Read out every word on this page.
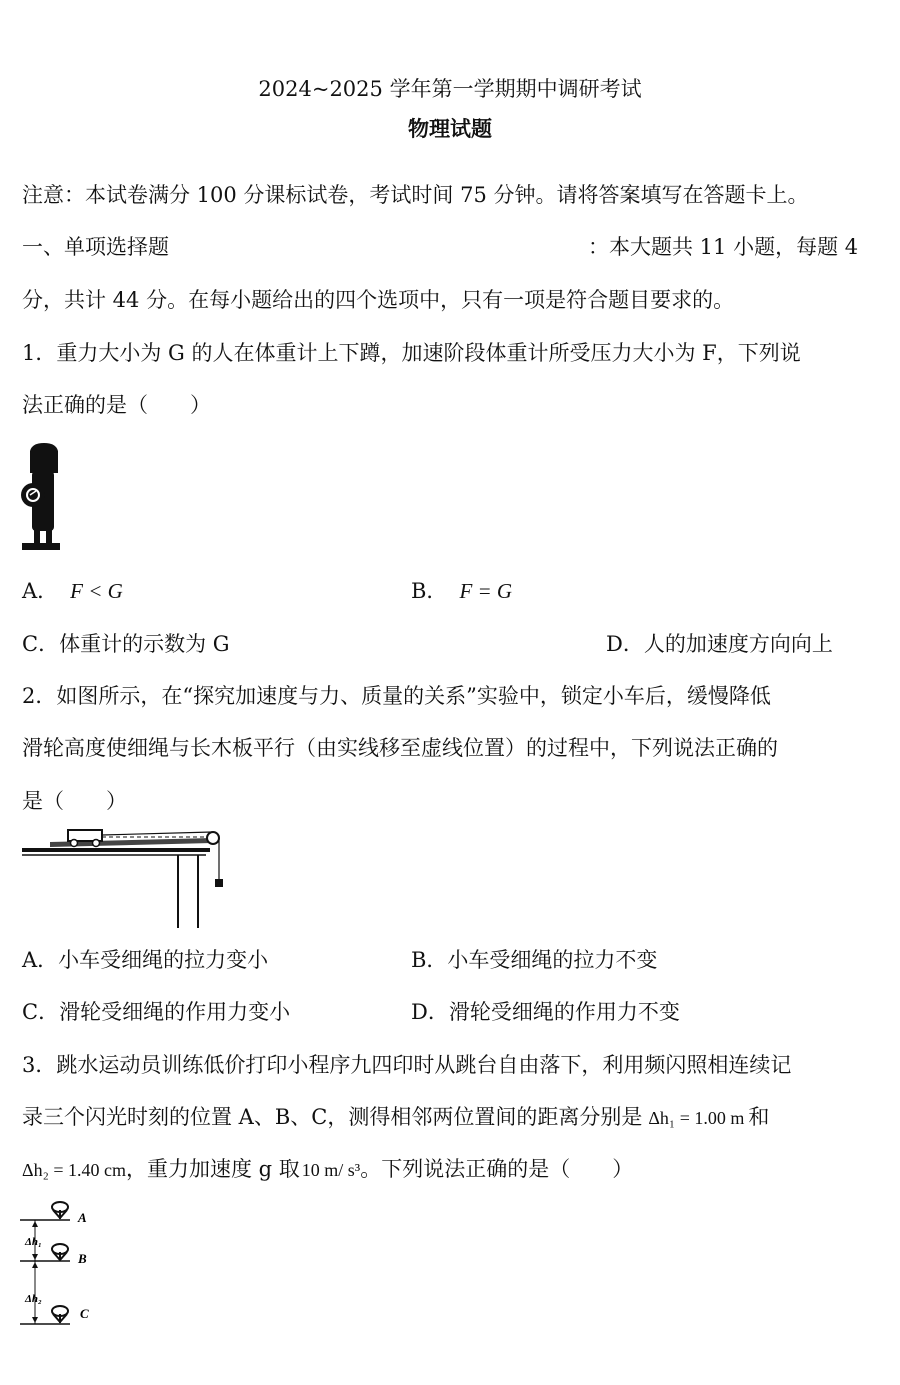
2024~2025 学年第一学期期中调研考试
物理试题
注意：本试卷满分 100 分课标试卷，考试时间 75 分钟。请将答案填写在答题卡上。
一、单项选择题	：本大题共 11 小题，每题 4
分，共计 44 分。在每小题给出的四个选项中，只有一项是符合题目要求的。
1．重力大小为 G 的人在体重计上下蹲，加速阶段体重计所受压力大小为 F，下列说
法正确的是（　　）
A． F < G	B． F = G
C．体重计的示数为 G	D．人的加速度方向向上
2．如图所示，在“探究加速度与力、质量的关系”实验中，锁定小车后，缓慢降低
滑轮高度使细绳与长木板平行（由实线移至虚线位置）的过程中，下列说法正确的
是（　　）
A．小车受细绳的拉力变小	B．小车受细绳的拉力不变
C．滑轮受细绳的作用力变小	D．滑轮受细绳的作用力不变
3．跳水运动员训练低价打印小程序九四印时从跳台自由落下，利用频闪照相连续记
录三个闪光时刻的位置 A、B、C，测得相邻两位置间的距离分别是 Δh₁ = 1.00 m 和
Δh₂ = 1.40 cm，重力加速度 g 取 10 m/ s³。下列说法正确的是（　　）
A
B
C
Δh₁
Δh₂
